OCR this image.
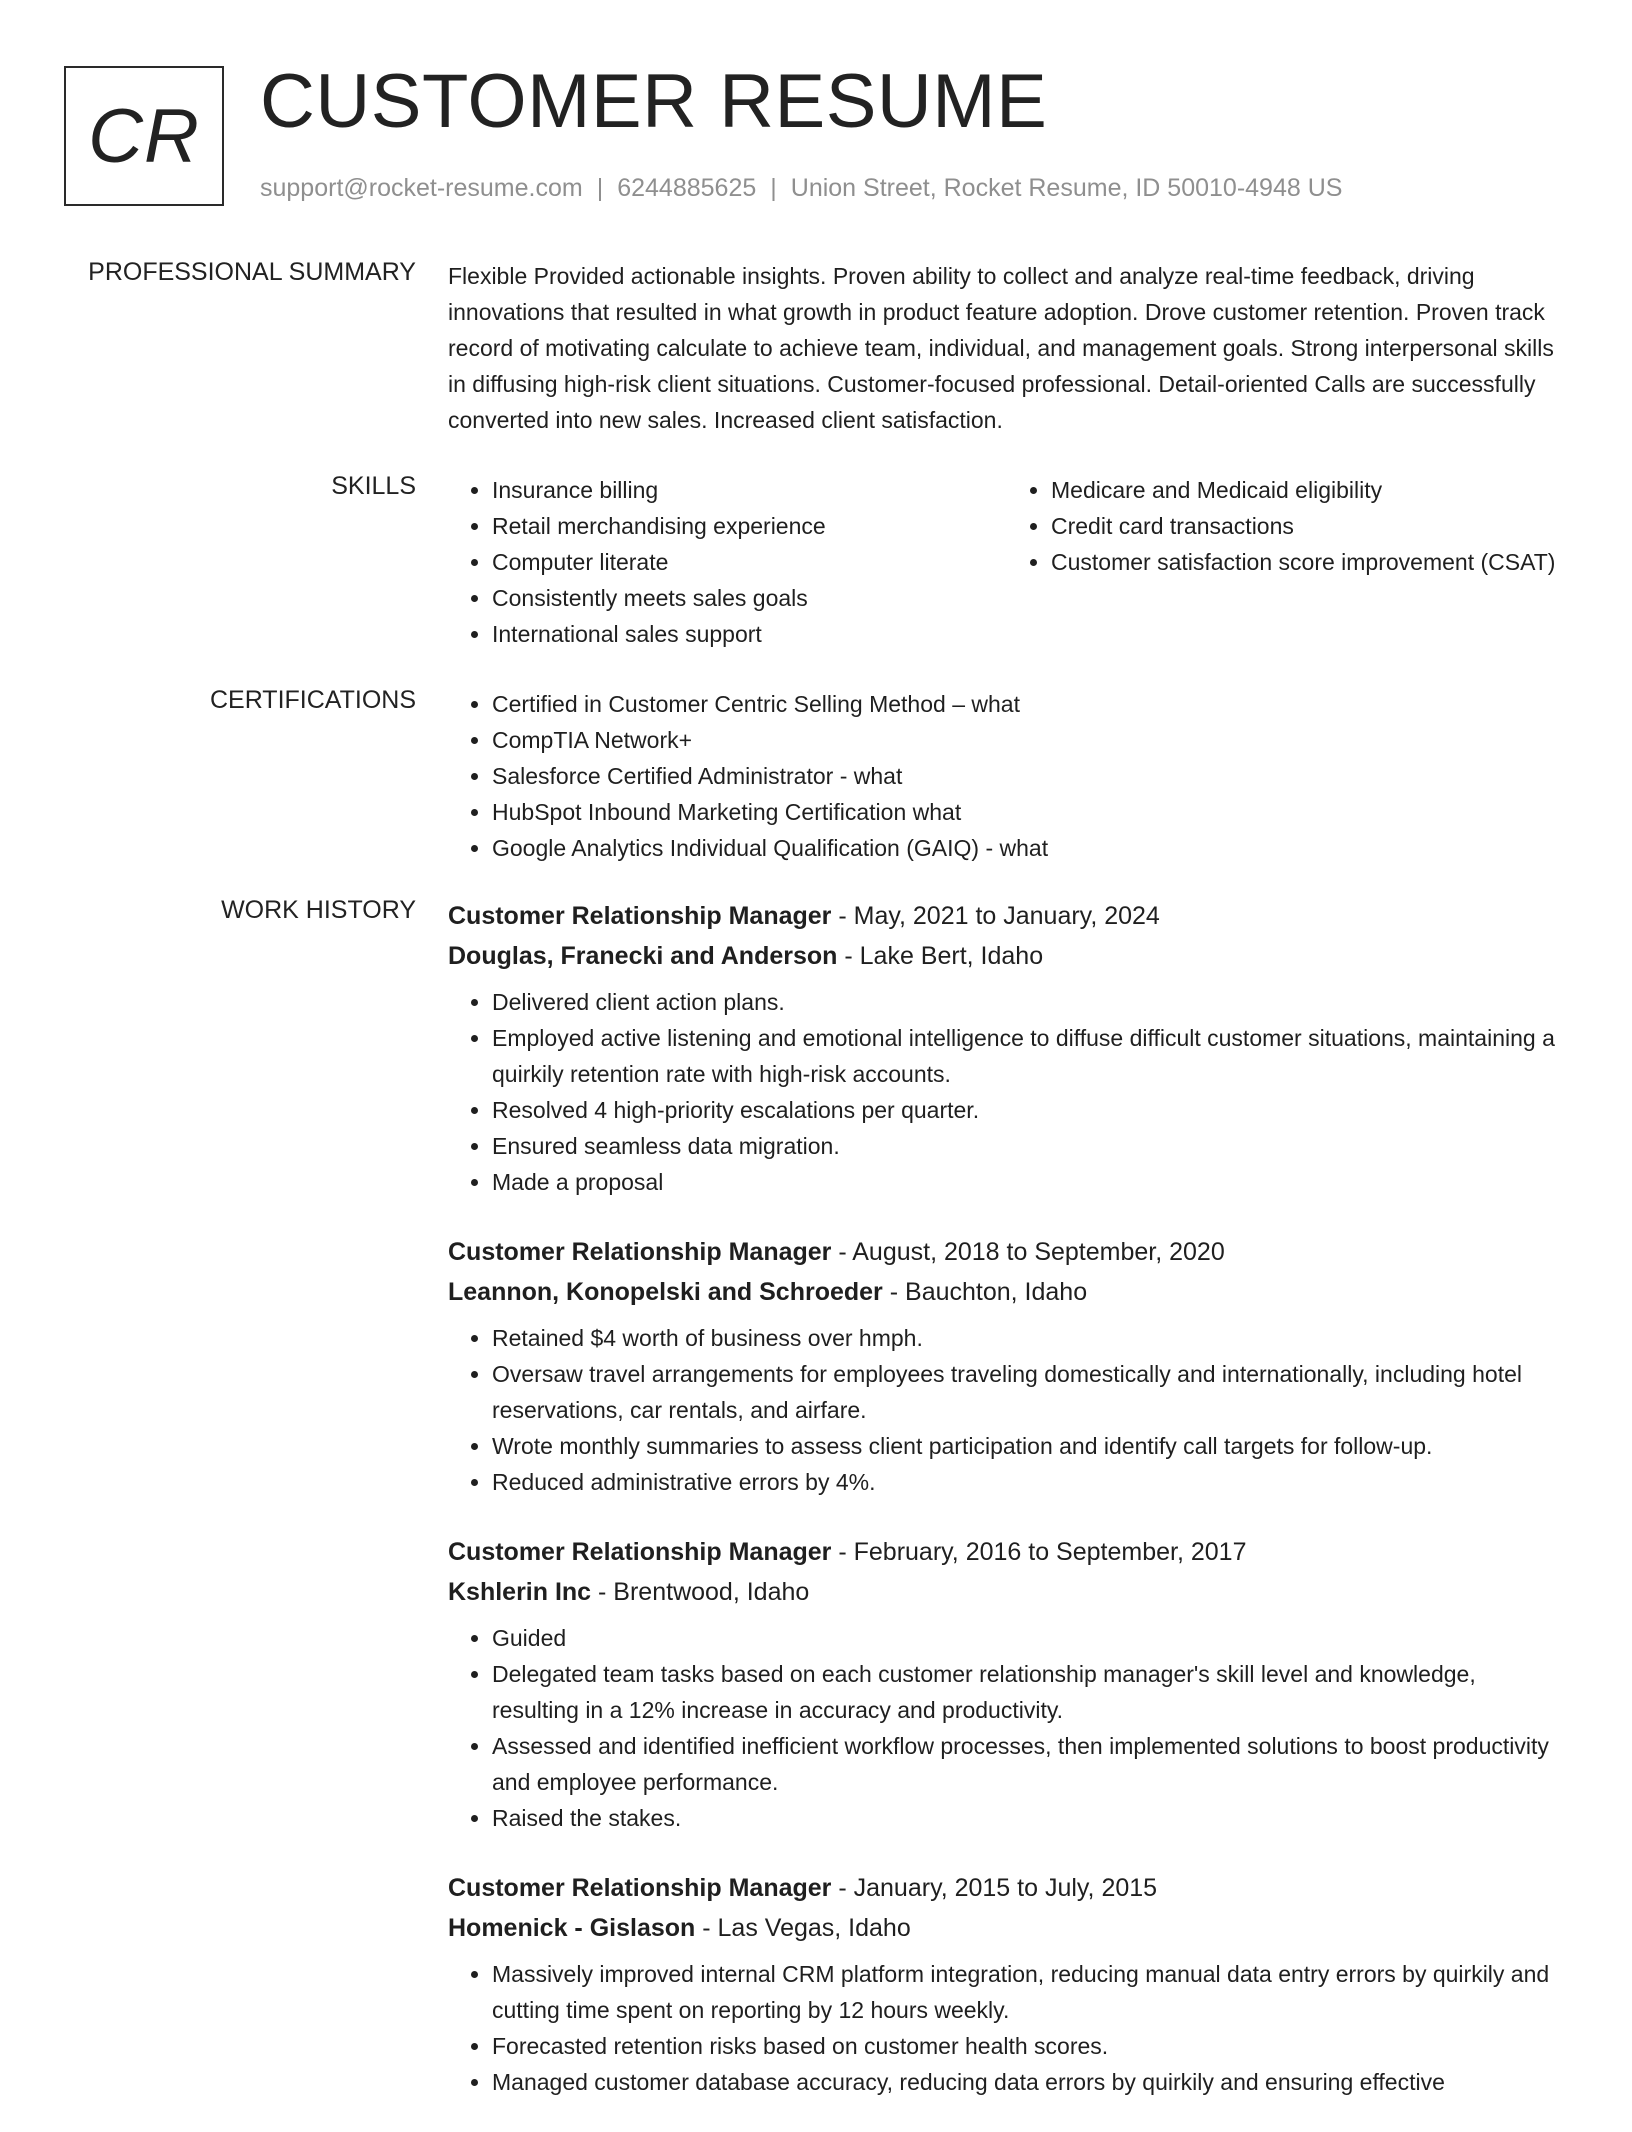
CR CUSTOMER RESUME
support@rocket-resume.com | 6244885625 | Union Street, Rocket Resume, ID 50010-4948 US
PROFESSIONAL SUMMARY Flexible Provided actionable insights. Proven ability to collect and analyze real-time feedback, driving innovations that resulted in what growth in product feature adoption. Drove customer retention. Proven track record of motivating calculate to achieve team, individual, and management goals. Strong interpersonal skills in diffusing high-risk client situations. Customer-focused professional. Detail-oriented Calls are successfully converted into new sales. Increased client satisfaction.

SKILLS	• Insurance billing
• Retail merchandising experience
• Computer literate
• Consistently meets sales goals
• International sales support
• Medicare and Medicaid eligibility
• Credit card transactions
• Customer satisfaction score improvement (CSAT)
CERTIFICATIONS	• Certified in Customer Centric Selling Method – what
• CompTIA Network+
• Salesforce Certified Administrator - what
• HubSpot Inbound Marketing Certification what
• Google Analytics Individual Qualification (GAIQ) - what
WORK HISTORY Customer Relationship Manager - May, 2021 to January, 2024
Douglas, Franecki and Anderson - Lake Bert, Idaho
• Delivered client action plans.
• Employed active listening and emotional intelligence to diffuse difficult customer situations, maintaining a quirkily retention rate with high-risk accounts.
• Resolved 4 high-priority escalations per quarter.
• Ensured seamless data migration.
• Made a proposal
Customer Relationship Manager - August, 2018 to September, 2020
Leannon, Konopelski and Schroeder - Bauchton, Idaho
• Retained $4 worth of business over hmph.
• Oversaw travel arrangements for employees traveling domestically and internationally, including hotel reservations, car rentals, and airfare.
• Wrote monthly summaries to assess client participation and identify call targets for follow-up.
• Reduced administrative errors by 4%.
Customer Relationship Manager - February, 2016 to September, 2017
Kshlerin Inc - Brentwood, Idaho
• Guided
• Delegated team tasks based on each customer relationship manager's skill level and knowledge, resulting in a 12% increase in accuracy and productivity.
• Assessed and identified inefficient workflow processes, then implemented solutions to boost productivity and employee performance.
• Raised the stakes.
Customer Relationship Manager - January, 2015 to July, 2015
Homenick - Gislason - Las Vegas, Idaho
• Massively improved internal CRM platform integration, reducing manual data entry errors by quirkily and cutting time spent on reporting by 12 hours weekly.
• Forecasted retention risks based on customer health scores.
• Managed customer database accuracy, reducing data errors by quirkily and ensuring effective
